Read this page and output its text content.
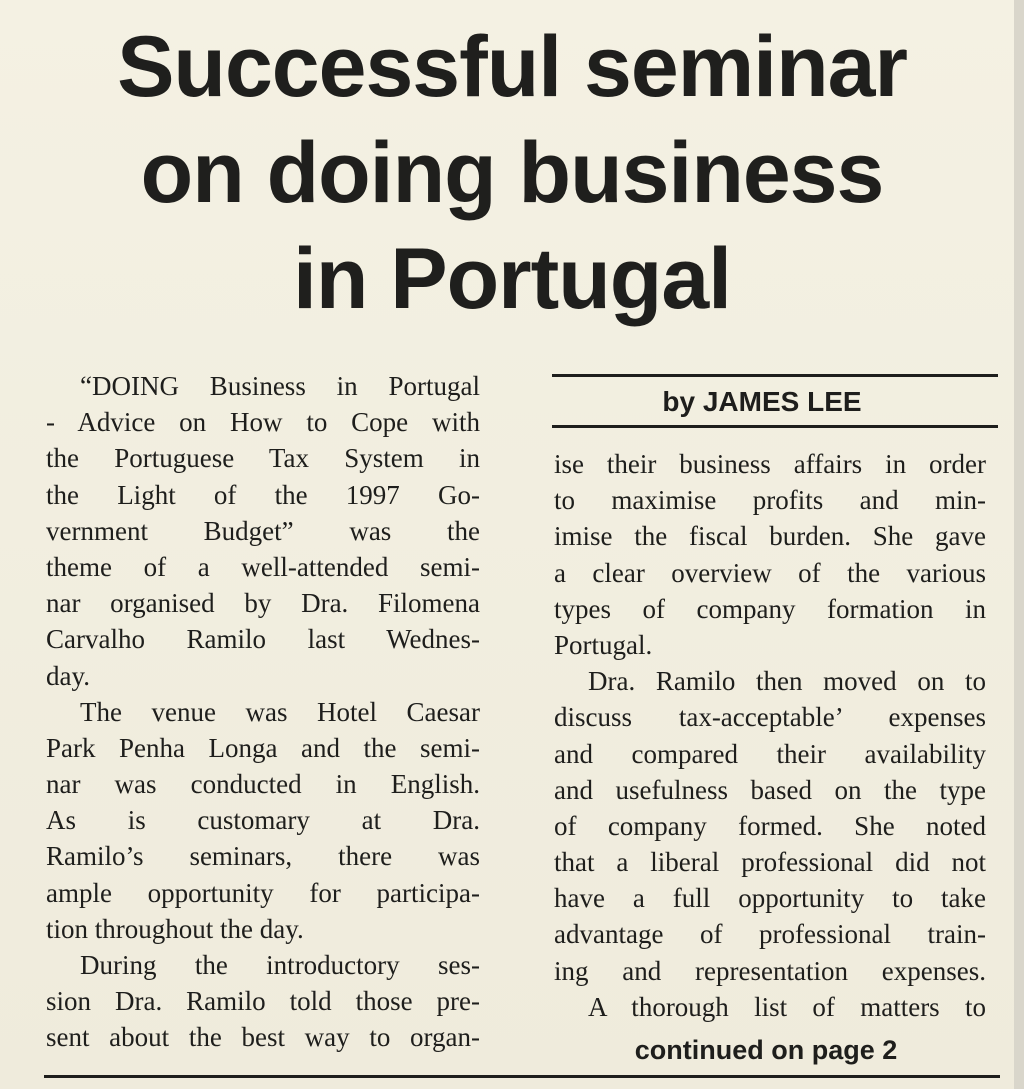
Successful seminar
on doing business
in Portugal
“DOING Business in Portugal
- Advice on How to Cope with
the Portuguese Tax System in
the Light of the 1997 Go-
vernment Budget” was the
theme of a well-attended semi-
nar organised by Dra. Filomena
Carvalho Ramilo last Wednes-
day.
The venue was Hotel Caesar
Park Penha Longa and the semi-
nar was conducted in English.
As is customary at Dra.
Ramilo’s seminars, there was
ample opportunity for participa-
tion throughout the day.
During the introductory ses-
sion Dra. Ramilo told those pre-
sent about the best way to organ-
by JAMES LEE
ise their business affairs in order
to maximise profits and min-
imise the fiscal burden. She gave
a clear overview of the various
types of company formation in
Portugal.
Dra. Ramilo then moved on to
discuss tax-acceptable’ expenses
and compared their availability
and usefulness based on the type
of company formed. She noted
that a liberal professional did not
have a full opportunity to take
advantage of professional train-
ing and representation expenses.
A thorough list of matters to
continued on page 2
